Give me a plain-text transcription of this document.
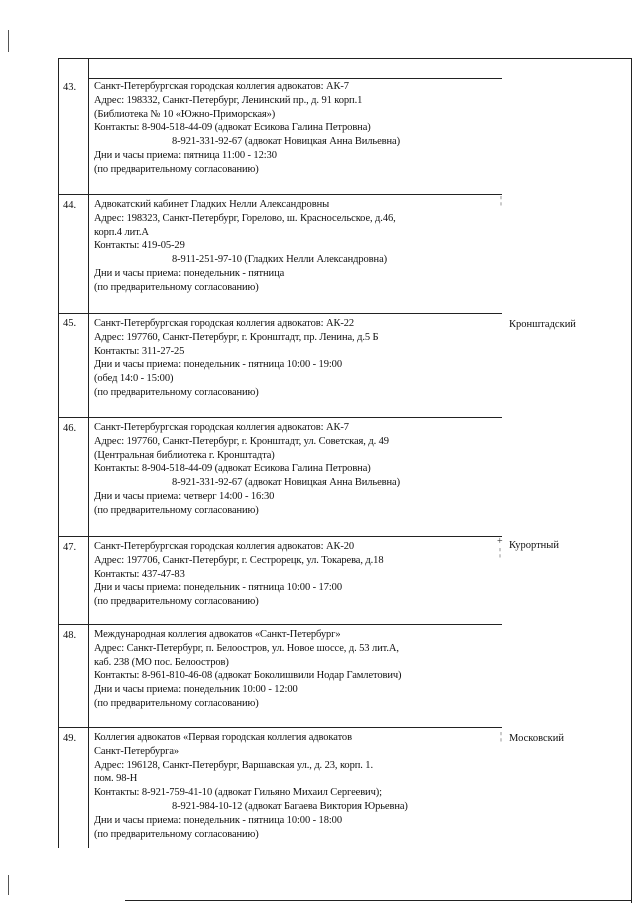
¦
+
¦
¦
43.	Санкт-Петербургская городская коллегия адвокатов: АК-7
Адрес: 198332, Санкт-Петербург, Ленинский пр., д. 91 корп.1
(Библиотека № 10 «Южно-Приморская»)
Контакты: 8-904-518-44-09 (адвокат Есикова Галина Петровна)
8-921-331-92-67 (адвокат Новицкая Анна Вильевна)
Дни и часы приема: пятница 11:00 - 12:30
(по предварительному согласованию)
44.	Адвокатский кабинет Гладких Нелли Александровны
Адрес: 198323, Санкт-Петербург, Горелово, ш. Красносельское, д.46,
корп.4 лит.А
Контакты: 419-05-29
8-911-251-97-10 (Гладких Нелли Александровна)
Дни и часы приема: понедельник - пятница
(по предварительному согласованию)
45.	Санкт-Петербургская городская коллегия адвокатов: АК-22
Адрес: 197760, Санкт-Петербург, г. Кронштадт, пр. Ленина, д.5 Б
Контакты: 311-27-25
Дни и часы приема: понедельник - пятница 10:00 - 19:00
(обед 14:0 - 15:00)
(по предварительному согласованию)
Кронштадский
46.	Санкт-Петербургская городская коллегия адвокатов: АК-7
Адрес: 197760, Санкт-Петербург, г. Кронштадт, ул. Советская, д. 49
(Центральная библиотека г. Кронштадта)
Контакты: 8-904-518-44-09 (адвокат Есикова Галина Петровна)
8-921-331-92-67 (адвокат Новицкая Анна Вильевна)
Дни и часы приема: четверг 14:00 - 16:30
(по предварительному согласованию)
47.	Санкт-Петербургская городская коллегия адвокатов: АК-20
Адрес: 197706, Санкт-Петербург, г. Сестрорецк, ул. Токарева, д.18
Контакты: 437-47-83
Дни и часы приема: понедельник - пятница 10:00 - 17:00
(по предварительному согласованию)
Курортный
48.	Международная коллегия адвокатов «Санкт-Петербург»
Адрес: Санкт-Петербург, п. Белоостров, ул. Новое шоссе, д. 53 лит.А,
каб. 238 (МО пос. Белоостров)
Контакты: 8-961-810-46-08 (адвокат Боколишвили Нодар Гамлетович)
Дни и часы приема: понедельник 10:00 - 12:00
(по предварительному согласованию)
49.	Коллегия адвокатов «Первая городская коллегия адвокатов
Санкт-Петербурга»
Адрес: 196128, Санкт-Петербург, Варшавская ул., д. 23, корп. 1.
пом. 98-Н
Контакты: 8-921-759-41-10 (адвокат Гильяно Михаил Сергеевич);
8-921-984-10-12 (адвокат Багаева Виктория Юрьевна)
Дни и часы приема: понедельник - пятница 10:00 - 18:00
(по предварительному согласованию)
Московский
